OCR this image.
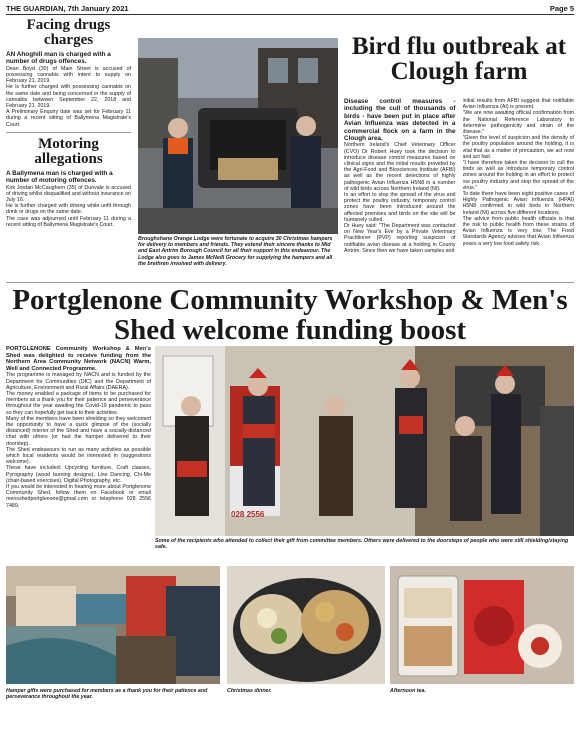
THE GUARDIAN, 7th January 2021	Page 5
Facing drugs charges
AN Ahoghill man is charged with a number of drugs offences.

Dean Boyd (30) of Main Street is accused of possessing cannabis with intent to supply on February 21, 2019.

He is further charged with possessing cannabis on the same date and being concerned in the supply of cannabis between September 22, 2018 and February 21, 2019.

A Preliminary Enquiry date was set for February 11 during a recent sitting of Ballymena Magistrate's Court.

Motoring allegations
A Ballymena man is charged with a number of motoring offences.

Kirk Jordan McCaughern (35) of Dunvale is accused of driving whilst disqualified and without insurance on July 16.

He is further charged with driving while unfit through drink or drugs on the same date.

The case was adjourned until February 11 during a recent sitting of Ballymena Magistrate's Court.

Broughshane Orange Lodge were fortunate to acquire 30 Christmas hampers for delivery to members and friends. They extend their sincere thanks to Mid and East Antrim Borough Council for all their support in this endeavour. The Lodge also goes to James McNeill Grocery for supplying the hampers and all the brethren involved with delivery.
Bird flu outbreak at Clough farm
Disease control measures - including the cull of thousands of birds - have been put in place after Avian Influenza was detected in a commercial flock on a farm in the Clough area.

Northern Ireland's Chief Veterinary Officer (CVO) Dr Robert Huey took the decision to introduce disease control measures based on clinical signs and the initial results provided by the Agri-Food and Biosciences Institute (AFBI) as well as the recent detections of highly pathogenic Avian Influenza H5N8 in a number of wild birds across Northern Ireland (NI).

In an effort to stop the spread of the virus and protect the poultry industry, temporary control zones have been introduced around the affected premises and birds on the site will be humanely culled.

Dr Huey said: "The Department was contacted on New Year's Eve by a Private Veterinary Practitioner (PVP) reporting suspicion of notifiable avian disease at a holding in County Antrim. Since then we have taken samples and

initial results from AFBI suggest that notifiable Avian Influenza (AI) is present.

"We are now awaiting official confirmation from the National Reference Laboratory to determine pathogenicity and strain of the disease."

"Given the level of suspicion and the density of the poultry population around the holding, it is vital that as a matter of precaution, we act now and act fast.

"I have therefore taken the decision to cull the birds as well as introduce temporary control zones around the holding in an effort to protect our poultry industry and stop the spread of the virus."

To date there have been eight positive cases of Highly Pathogenic Avian Influenza (HPAI) H5N8 confirmed in wild birds in Northern Ireland (NI) across five different locations.

The advice from public health officials is that the risk to public health from these strains of Avian Influenza is very low. The Food Standards Agency advises that Avian Influenza poses a very low food safety risk.

Portglenone Community Workshop & Men's Shed welcome funding boost
PORTGLENONE Community Workshop & Men's Shed was delighted to receive funding from the Northern Area Community Network (NACN) Warm, Well and Connected Programme.

The programme is managed by NACN and is funded by the Department for Communities (DfC) and the Department of Agriculture, Environment and Rural Affairs (DAERA).

The money enabled a package of items to be purchased for members as a thank you for their patience and perseverance throughout the year awaiting the Covid-19 pandemic to pass so they can hopefully get back to their activities.

Many of the members have been shielding so they welcomed the opportunity to have a quick glimpse of the (socially distanced) interior of the Shed and have a socially-distanced chat with others (or had the hamper delivered to their doorstep).

The Shed endeavours to run as many activities as possible which local residents would be interested in (suggestions welcome).

These have included: Upcycling furniture, Craft classes, Pyrography (wood burning designs), Line Dancing, Chi-Me (chair-based exercises), Digital Photography, etc.

If you would be interested in hearing more about Portglenone Community Shed, follow them on Facebook or email mensshedportglenone@gmail.com or telephone 028 2556 7489.

028 2556
Some of the recipients who attended to collect their gift from committee members. Others were delivered to the doorsteps of people who were still shielding/staying safe.
Hamper gifts were purchased for members as a thank you for their patience and perseverance throughout the year.
Christmas dinner.	Afternoon tea.
